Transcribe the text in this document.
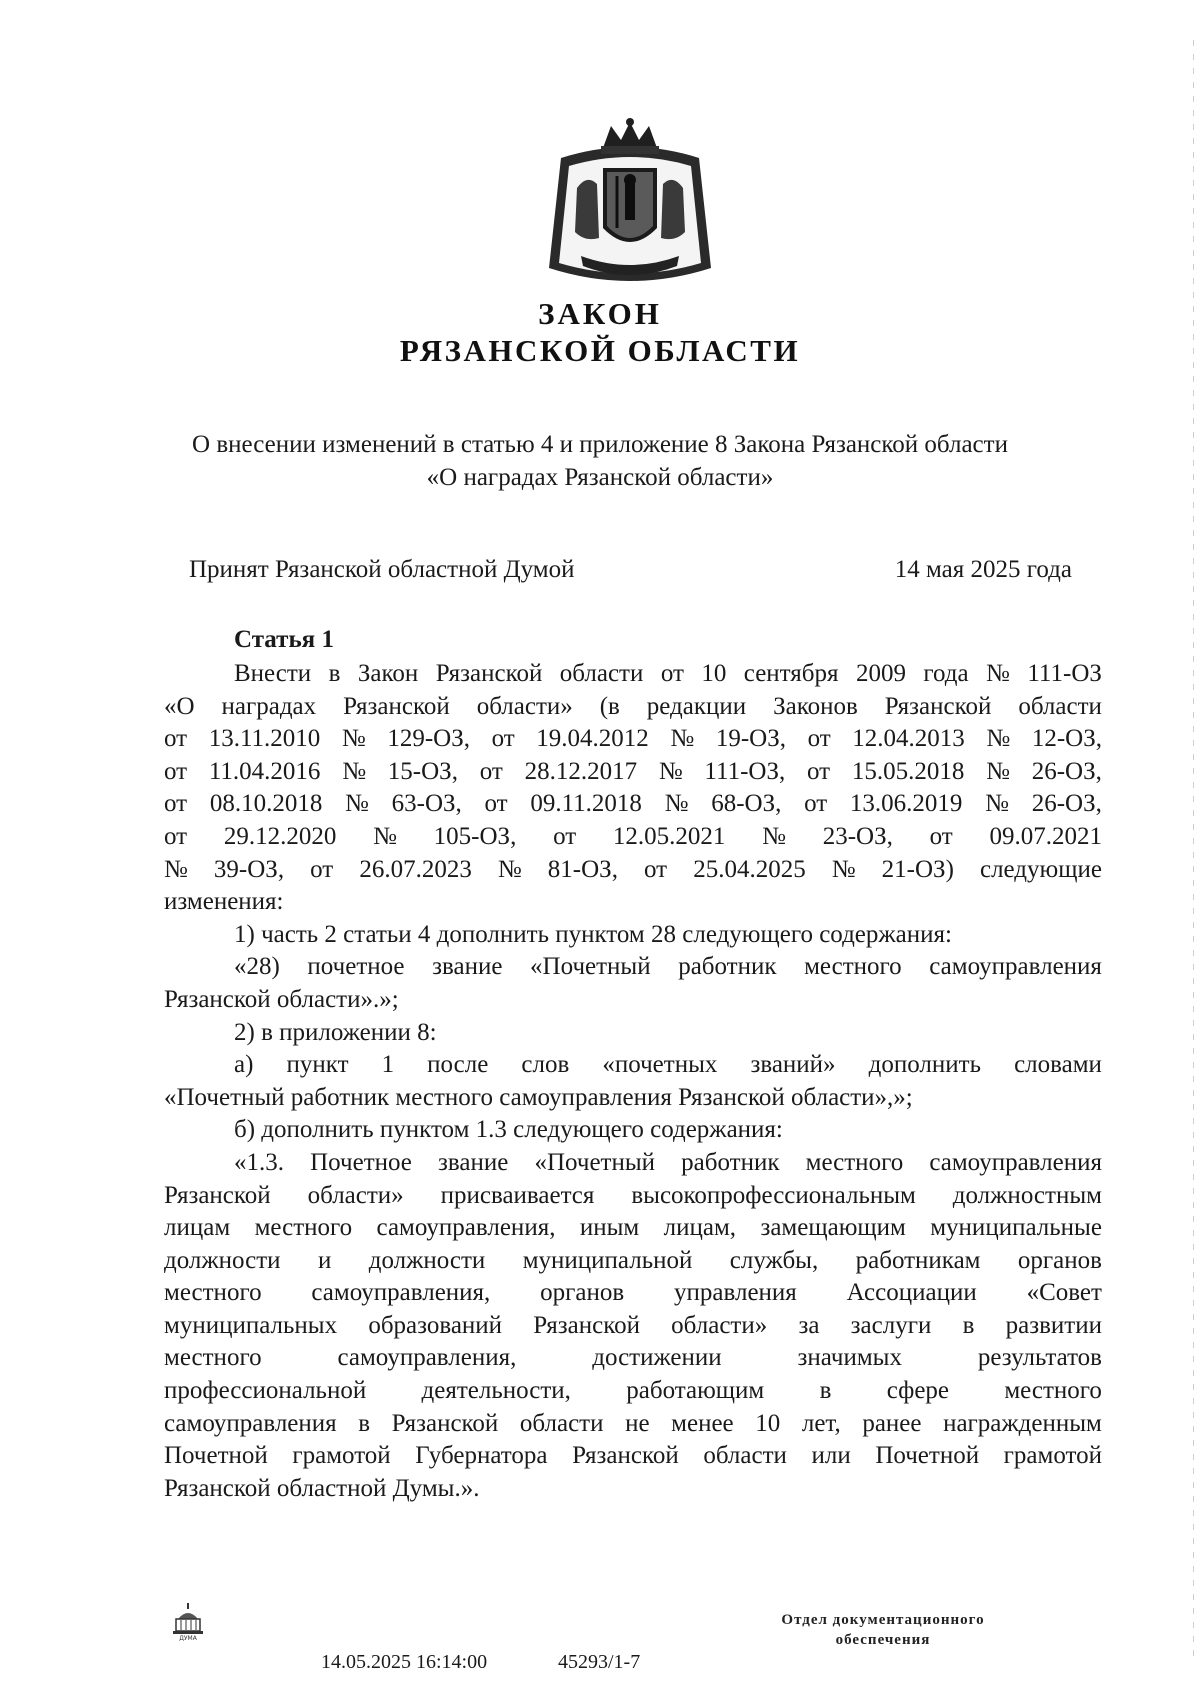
ЗАКОН
РЯЗАНСКОЙ ОБЛАСТИ
О внесении изменений в статью 4 и приложение 8 Закона Рязанской области
«О наградах Рязанской области»
Принят Рязанской областной Думой	14 мая 2025 года
Статья 1
Внести в Закон Рязанской области от 10 сентября 2009 года № 111-ОЗ
«О наградах Рязанской области» (в редакции Законов Рязанской области
от 13.11.2010 № 129-ОЗ, от 19.04.2012 № 19-ОЗ, от 12.04.2013 № 12-ОЗ,
от 11.04.2016 № 15-ОЗ, от 28.12.2017 № 111-ОЗ, от 15.05.2018 № 26-ОЗ,
от 08.10.2018 № 63-ОЗ, от 09.11.2018 № 68-ОЗ, от 13.06.2019 № 26-ОЗ,
от 29.12.2020 № 105-ОЗ, от 12.05.2021 № 23-ОЗ, от 09.07.2021
№ 39-ОЗ, от 26.07.2023 № 81-ОЗ, от 25.04.2025 № 21-ОЗ) следующие
изменения:
1) часть 2 статьи 4 дополнить пунктом 28 следующего содержания:
«28) почетное звание «Почетный работник местного самоуправления
Рязанской области».»;
2) в приложении 8:
а) пункт 1 после слов «почетных званий» дополнить словами
«Почетный работник местного самоуправления Рязанской области»,»;
б) дополнить пунктом 1.3 следующего содержания:
«1.3. Почетное звание «Почетный работник местного самоуправления
Рязанской области» присваивается высокопрофессиональным должностным
лицам местного самоуправления, иным лицам, замещающим муниципальные
должности и должности муниципальной службы, работникам органов
местного самоуправления, органов управления Ассоциации «Совет
муниципальных образований Рязанской области» за заслуги в развитии
местного	самоуправления,	достижении	значимых	результатов
профессиональной деятельности, работающим в сфере местного
самоуправления в Рязанской области не менее 10 лет, ранее награжденным
Почетной грамотой Губернатора Рязанской области или Почетной грамотой
Рязанской областной Думы.».
ДУМА
14.05.2025 16:14:00	45293/1-7
Отдел документационного
обеспечения
